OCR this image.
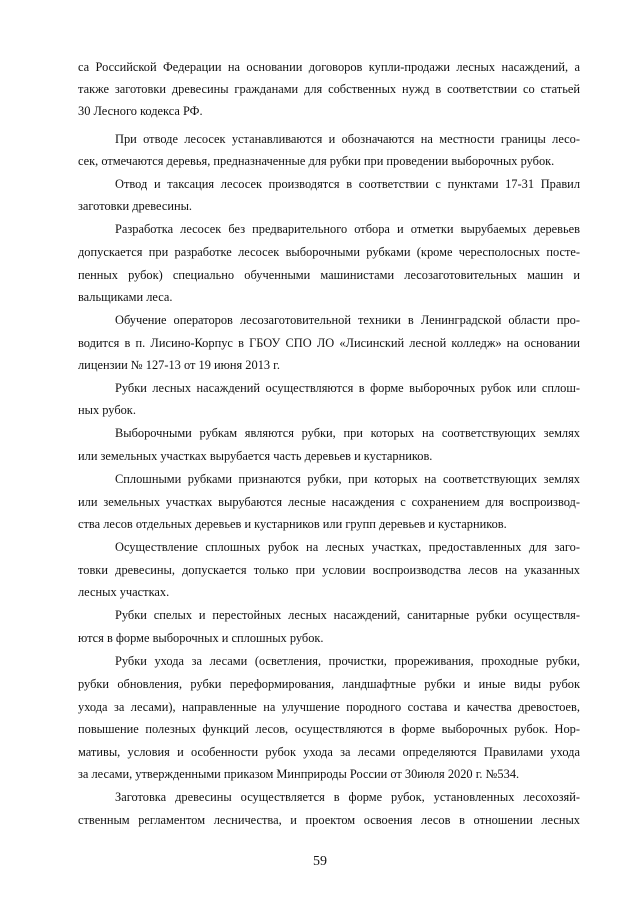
са Российской Федерации на основании договоров купли-продажи лесных насаждений, а
также заготовки древесины гражданами для собственных нужд в соответствии со статьей
30 Лесного кодекса РФ.
При отводе лесосек устанавливаются и обозначаются на местности границы лесо-
сек, отмечаются деревья, предназначенные для рубки при проведении выборочных рубок.
Отвод и таксация лесосек производятся в соответствии с пунктами 17-31 Правил
заготовки древесины.
Разработка лесосек без предварительного отбора и отметки вырубаемых деревьев
допускается при разработке лесосек выборочными рубками (кроме чересполосных посте-
пенных рубок) специально обученными машинистами лесозаготовительных машин и
вальщиками леса.
Обучение операторов лесозаготовительной техники в Ленинградской области про-
водится в п. Лисино-Корпус в ГБОУ СПО ЛО «Лисинский лесной колледж» на основании
лицензии № 127-13 от 19 июня 2013 г.
Рубки лесных насаждений осуществляются в форме выборочных рубок или сплош-
ных рубок.
Выборочными рубкам являются рубки, при которых на соответствующих землях
или земельных участках вырубается часть деревьев и кустарников.
Сплошными рубками признаются рубки, при которых на соответствующих землях
или земельных участках вырубаются лесные насаждения с сохранением для воспроизвод-
ства лесов отдельных деревьев и кустарников или групп деревьев и кустарников.
Осуществление сплошных рубок на лесных участках, предоставленных для заго-
товки древесины, допускается только при условии воспроизводства лесов на указанных
лесных участках.
Рубки спелых и перестойных лесных насаждений, санитарные рубки осуществля-
ются в форме выборочных и сплошных рубок.
Рубки ухода за лесами (осветления, прочистки, прореживания, проходные рубки,
рубки обновления, рубки переформирования, ландшафтные рубки и иные виды рубок
ухода за лесами), направленные на улучшение породного состава и качества древостоев,
повышение полезных функций лесов, осуществляются в форме выборочных рубок. Нор-
мативы, условия и особенности рубок ухода за лесами определяются Правилами ухода
за лесами, утвержденными приказом Минприроды России от 30июля 2020 г. №534.
Заготовка древесины осуществляется в форме рубок, установленных лесохозяй-
ственным регламентом лесничества, и проектом освоения лесов в отношении лесных
59
